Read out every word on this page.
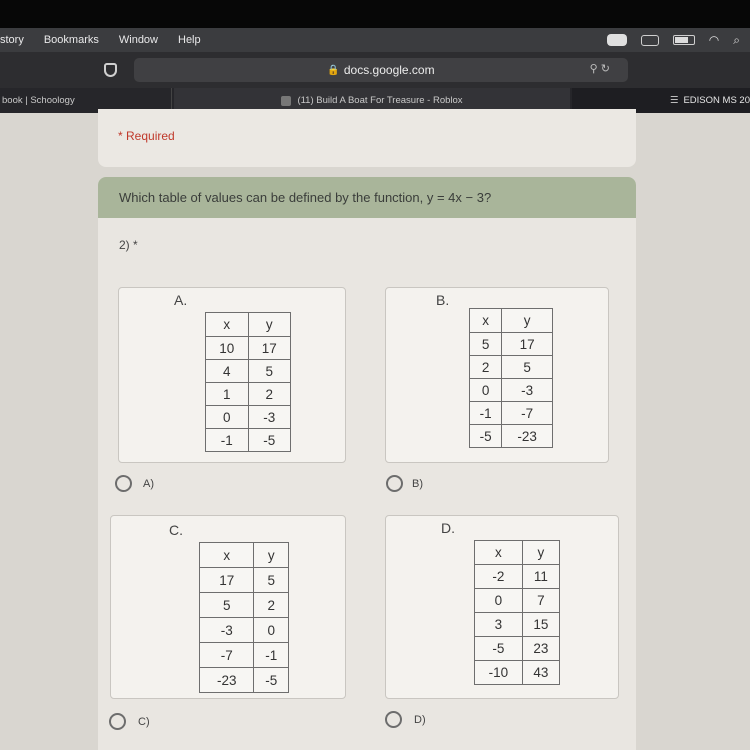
story Bookmarks Window Help	◠ ⌕
🔒 docs.google.com	⚲ ↻
book | Schoology	(11) Build A Boat For Treasure - Roblox	☰ EDISON MS 20
* Required
Which table of values can be defined by the function, y = 4x − 3?
2) *
A.
x	y
10	17
4	5
1	2
0	-3
-1	-5
A)
B.
x	y
5	17
2	5
0	-3
-1	-7
-5	-23
B)
C.
x	y
17	5
5	2
-3	0
-7	-1
-23	-5
C)
D.
x	y
-2	11
0	7
3	15
-5	23
-10	43
D)
